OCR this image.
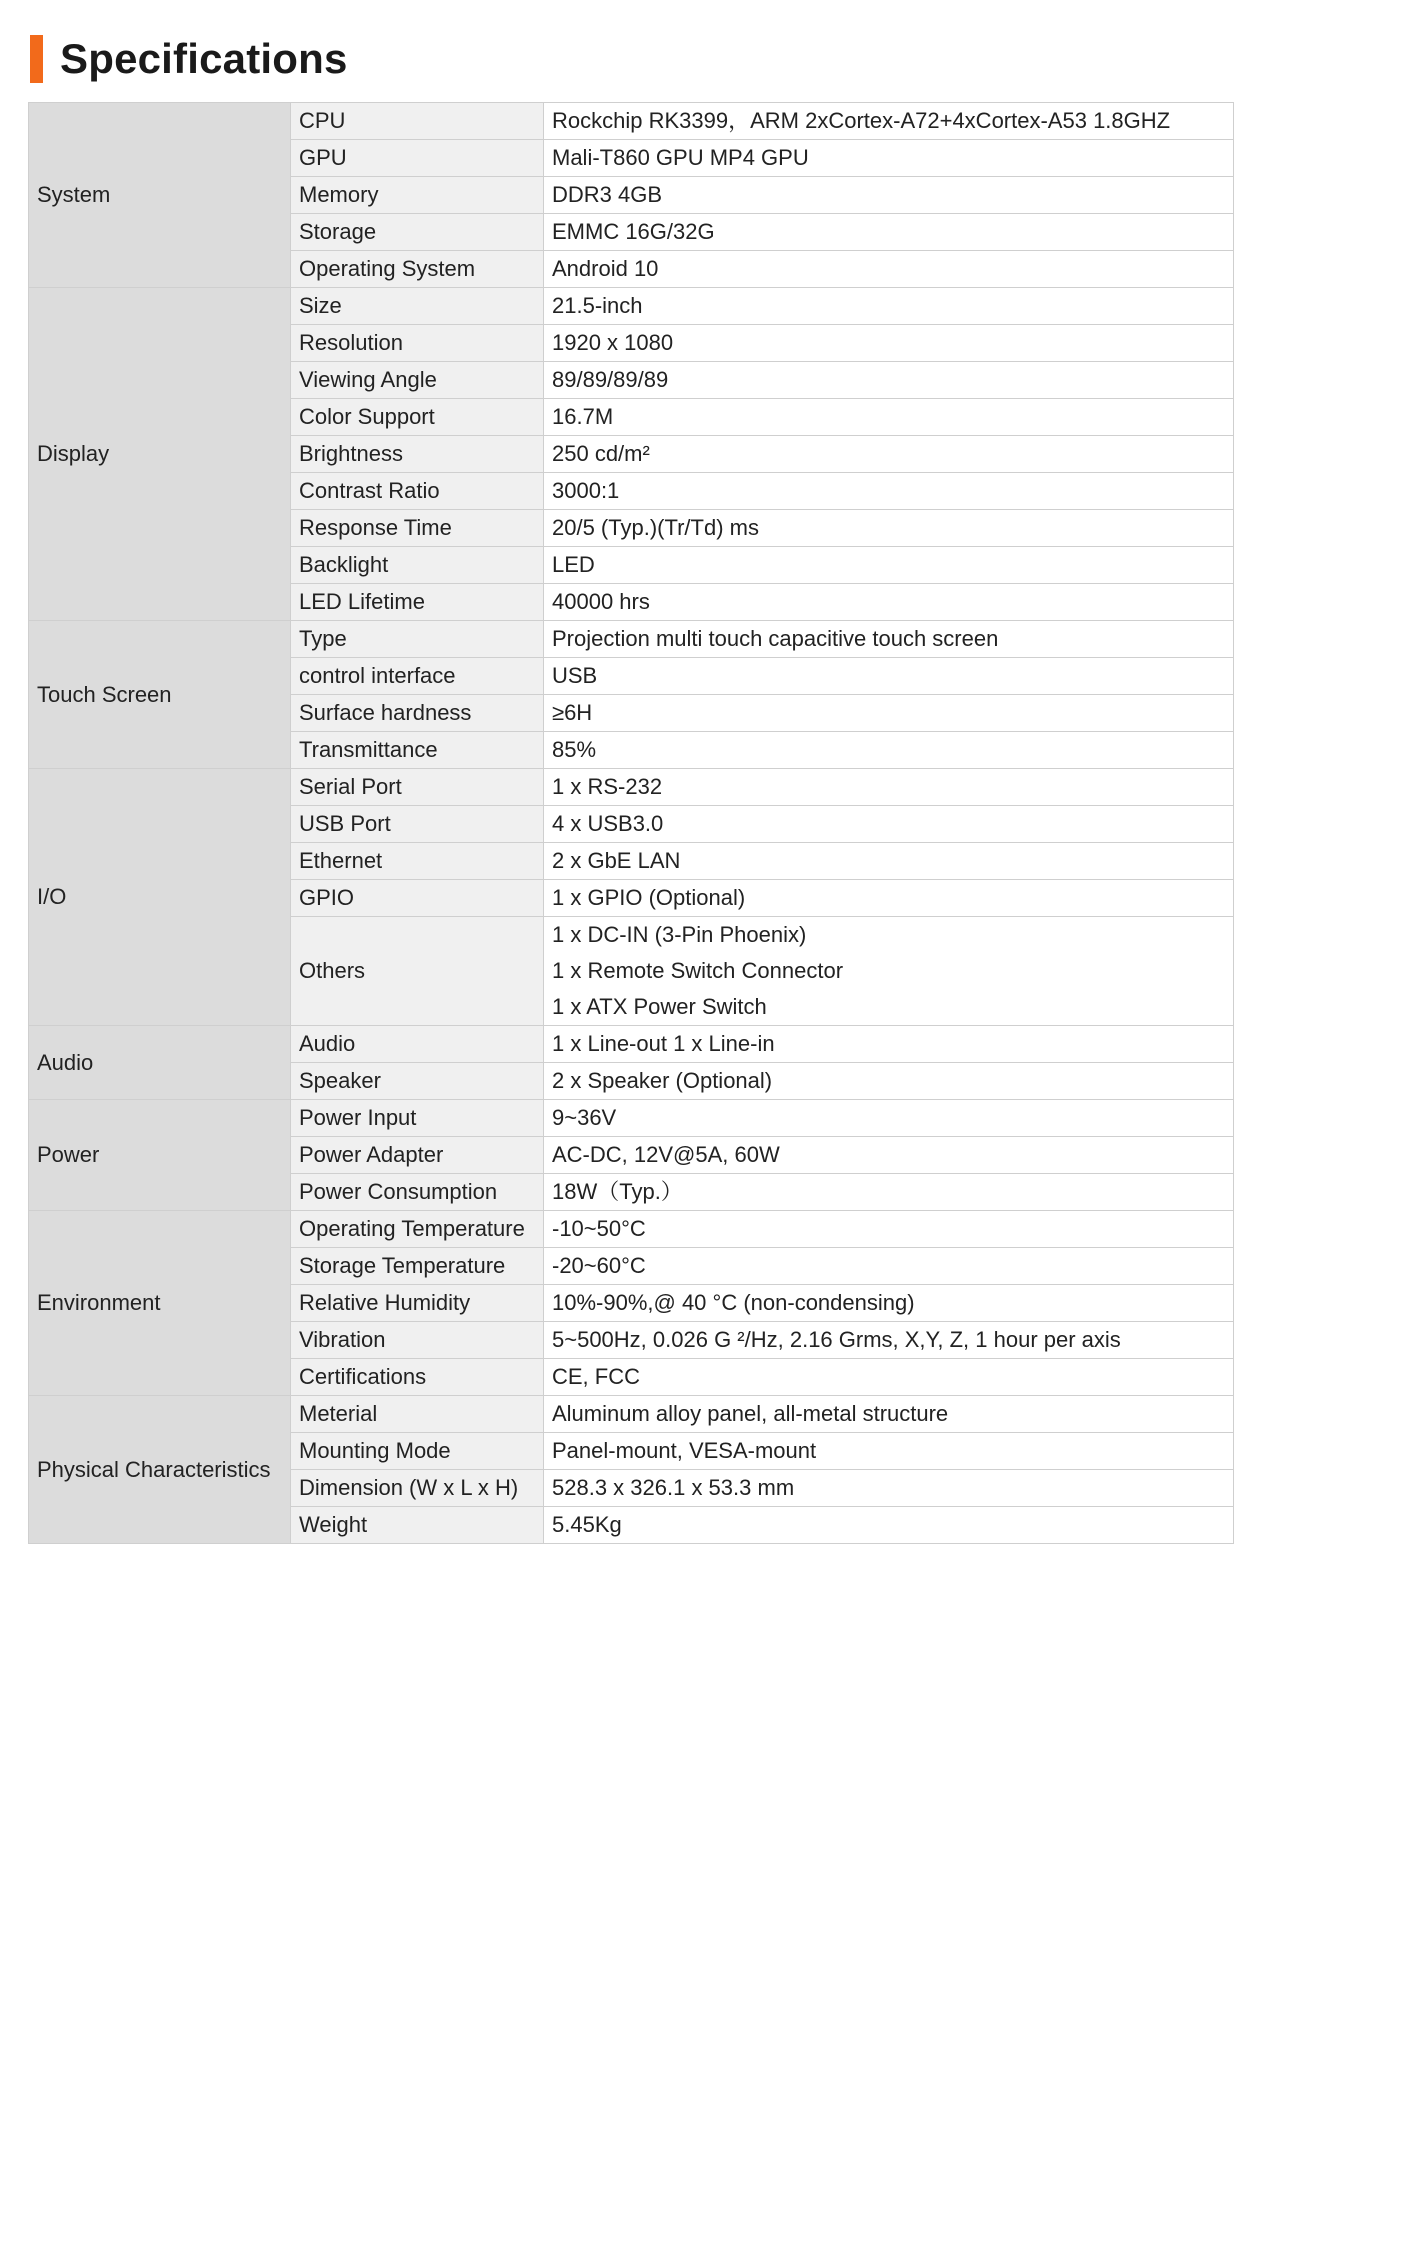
Specifications
System	CPU	Rockchip RK3399，ARM 2xCortex-A72+4xCortex-A53 1.8GHZ
	GPU	Mali-T860 GPU MP4 GPU
	Memory	DDR3 4GB
	Storage	EMMC 16G/32G
	Operating System	Android 10
Display	Size	21.5-inch
	Resolution	1920 x 1080
	Viewing Angle	89/89/89/89
	Color Support	16.7M
	Brightness	250 cd/m²
	Contrast Ratio	3000:1
	Response Time	20/5 (Typ.)(Tr/Td) ms
	Backlight	LED
	LED Lifetime	40000 hrs
Touch Screen	Type	Projection multi touch capacitive touch screen
	control interface	USB
	Surface hardness	≥6H
	Transmittance	85%
I/O	Serial Port	1 x RS-232
	USB Port	4 x USB3.0
	Ethernet	2 x GbE LAN
	GPIO	1 x GPIO (Optional)
	Others	1 x DC-IN (3-Pin Phoenix)
1 x Remote Switch Connector
1 x ATX Power Switch

Audio	Audio	1 x Line-out 1 x Line-in
	Speaker	2 x Speaker (Optional)
Power	Power Input	9~36V
	Power Adapter	AC-DC, 12V@5A, 60W
	Power Consumption	18W（Typ.）
Environment	Operating Temperature	-10~50°C
	Storage Temperature	-20~60°C
	Relative Humidity	10%-90%,@ 40 °C (non-condensing)
	Vibration	5~500Hz, 0.026 G ²/Hz, 2.16 Grms, X,Y, Z, 1 hour per axis
	Certifications	CE, FCC
Physical Characteristics	Meterial	Aluminum alloy panel, all-metal structure
	Mounting Mode	Panel-mount, VESA-mount
	Dimension (W x L x H)	528.3 x 326.1 x 53.3 mm
	Weight	5.45Kg
